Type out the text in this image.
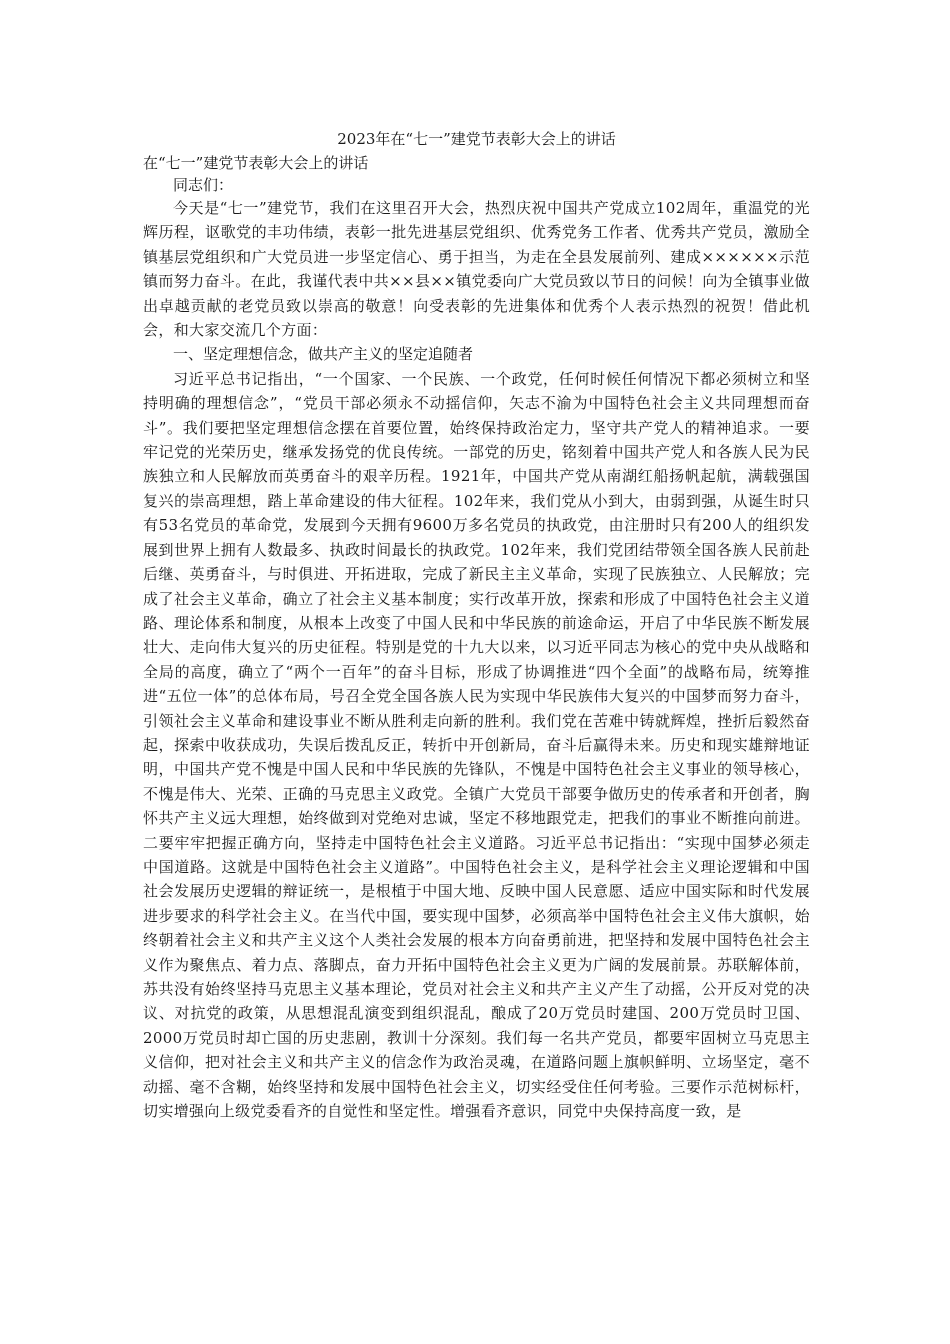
2023年在“七一”建党节表彰大会上的讲话
在“七一”建党节表彰大会上的讲话

同志们：

今天是“七一”建党节，我们在这里召开大会，热烈庆祝中国共产党成立102周年，重温党的光辉历程，讴歌党的丰功伟绩，表彰一批先进基层党组织、优秀党务工作者、优秀共产党员，激励全镇基层党组织和广大党员进一步坚定信心、勇于担当，为走在全县发展前列、建成××××××示范镇而努力奋斗。在此，我谨代表中共××县××镇党委向广大党员致以节日的问候！向为全镇事业做出卓越贡献的老党员致以崇高的敬意！向受表彰的先进集体和优秀个人表示热烈的祝贺！借此机会，和大家交流几个方面：

一、坚定理想信念，做共产主义的坚定追随者

习近平总书记指出，“一个国家、一个民族、一个政党，任何时候任何情况下都必须树立和坚持明确的理想信念”，“党员干部必须永不动摇信仰，矢志不渝为中国特色社会主义共同理想而奋斗”。我们要把坚定理想信念摆在首要位置，始终保持政治定力，坚守共产党人的精神追求。一要牢记党的光荣历史，继承发扬党的优良传统。一部党的历史，铭刻着中国共产党人和各族人民为民族独立和人民解放而英勇奋斗的艰辛历程。1921年，中国共产党从南湖红船扬帆起航，满载强国复兴的崇高理想，踏上革命建设的伟大征程。102年来，我们党从小到大，由弱到强，从诞生时只有53名党员的革命党，发展到今天拥有9600万多名党员的执政党，由注册时只有200人的组织发展到世界上拥有人数最多、执政时间最长的执政党。102年来，我们党团结带领全国各族人民前赴后继、英勇奋斗，与时俱进、开拓进取，完成了新民主主义革命，实现了民族独立、人民解放；完成了社会主义革命，确立了社会主义基本制度；实行改革开放，探索和形成了中国特色社会主义道路、理论体系和制度，从根本上改变了中国人民和中华民族的前途命运，开启了中华民族不断发展壮大、走向伟大复兴的历史征程。特别是党的十九大以来，以习近平同志为核心的党中央从战略和全局的高度，确立了“两个一百年”的奋斗目标，形成了协调推进“四个全面”的战略布局，统筹推进“五位一体”的总体布局，号召全党全国各族人民为实现中华民族伟大复兴的中国梦而努力奋斗，引领社会主义革命和建设事业不断从胜利走向新的胜利。我们党在苦难中铸就辉煌，挫折后毅然奋起，探索中收获成功，失误后拨乱反正，转折中开创新局，奋斗后赢得未来。历史和现实雄辩地证明，中国共产党不愧是中国人民和中华民族的先锋队，不愧是中国特色社会主义事业的领导核心，不愧是伟大、光荣、正确的马克思主义政党。全镇广大党员干部要争做历史的传承者和开创者，胸怀共产主义远大理想，始终做到对党绝对忠诚，坚定不移地跟党走，把我们的事业不断推向前进。二要牢牢把握正确方向，坚持走中国特色社会主义道路。习近平总书记指出：“实现中国梦必须走中国道路。这就是中国特色社会主义道路”。中国特色社会主义，是科学社会主义理论逻辑和中国社会发展历史逻辑的辩证统一，是根植于中国大地、反映中国人民意愿、适应中国实际和时代发展进步要求的科学社会主义。在当代中国，要实现中国梦，必须高举中国特色社会主义伟大旗帜，始终朝着社会主义和共产主义这个人类社会发展的根本方向奋勇前进，把坚持和发展中国特色社会主义作为聚焦点、着力点、落脚点，奋力开拓中国特色社会主义更为广阔的发展前景。苏联解体前，苏共没有始终坚持马克思主义基本理论，党员对社会主义和共产主义产生了动摇，公开反对党的决议、对抗党的政策，从思想混乱演变到组织混乱，酿成了20万党员时建国、200万党员时卫国、2000万党员时却亡国的历史悲剧，教训十分深刻。我们每一名共产党员，都要牢固树立马克思主义信仰，把对社会主义和共产主义的信念作为政治灵魂，在道路问题上旗帜鲜明、立场坚定，毫不动摇、毫不含糊，始终坚持和发展中国特色社会主义，切实经受住任何考验。三要作示范树标杆，切实增强向上级党委看齐的自觉性和坚定性。增强看齐意识，同党中央保持高度一致，是
